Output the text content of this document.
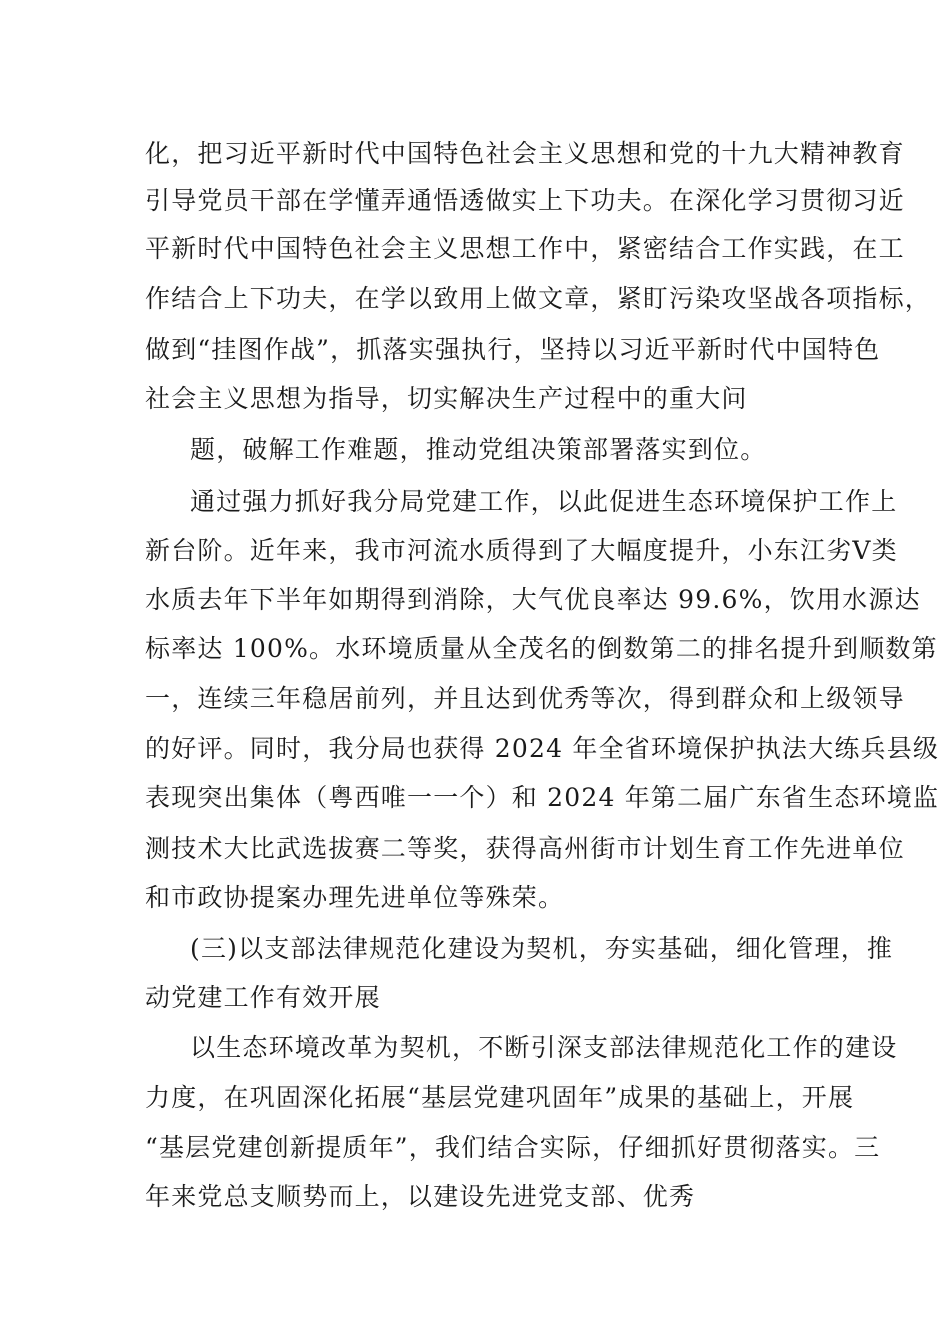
化，把习近平新时代中国特色社会主义思想和党的十九大精神教育
引导党员干部在学懂弄通悟透做实上下功夫。在深化学习贯彻习近
平新时代中国特色社会主义思想工作中，紧密结合工作实践，在工
作结合上下功夫，在学以致用上做文章，紧盯污染攻坚战各项指标，
做到“挂图作战”，抓落实强执行，坚持以习近平新时代中国特色
社会主义思想为指导，切实解决生产过程中的重大问
题，破解工作难题，推动党组决策部署落实到位。
通过强力抓好我分局党建工作，以此促进生态环境保护工作上
新台阶。近年来，我市河流水质得到了大幅度提升，小东江劣Ⅴ类
水质去年下半年如期得到消除，大气优良率达 99.6%，饮用水源达
标率达 100%。水环境质量从全茂名的倒数第二的排名提升到顺数第
一，连续三年稳居前列，并且达到优秀等次，得到群众和上级领导
的好评。同时，我分局也获得 2024 年全省环境保护执法大练兵县级
表现突出集体（粤西唯一一个）和 2024 年第二届广东省生态环境监
测技术大比武选拔赛二等奖，获得高州街市计划生育工作先进单位
和市政协提案办理先进单位等殊荣。
(三)以支部法律规范化建设为契机，夯实基础，细化管理，推
动党建工作有效开展
以生态环境改革为契机，不断引深支部法律规范化工作的建设
力度，在巩固深化拓展“基层党建巩固年”成果的基础上，开展
“基层党建创新提质年”，我们结合实际，仔细抓好贯彻落实。三
年来党总支顺势而上，以建设先进党支部、优秀
